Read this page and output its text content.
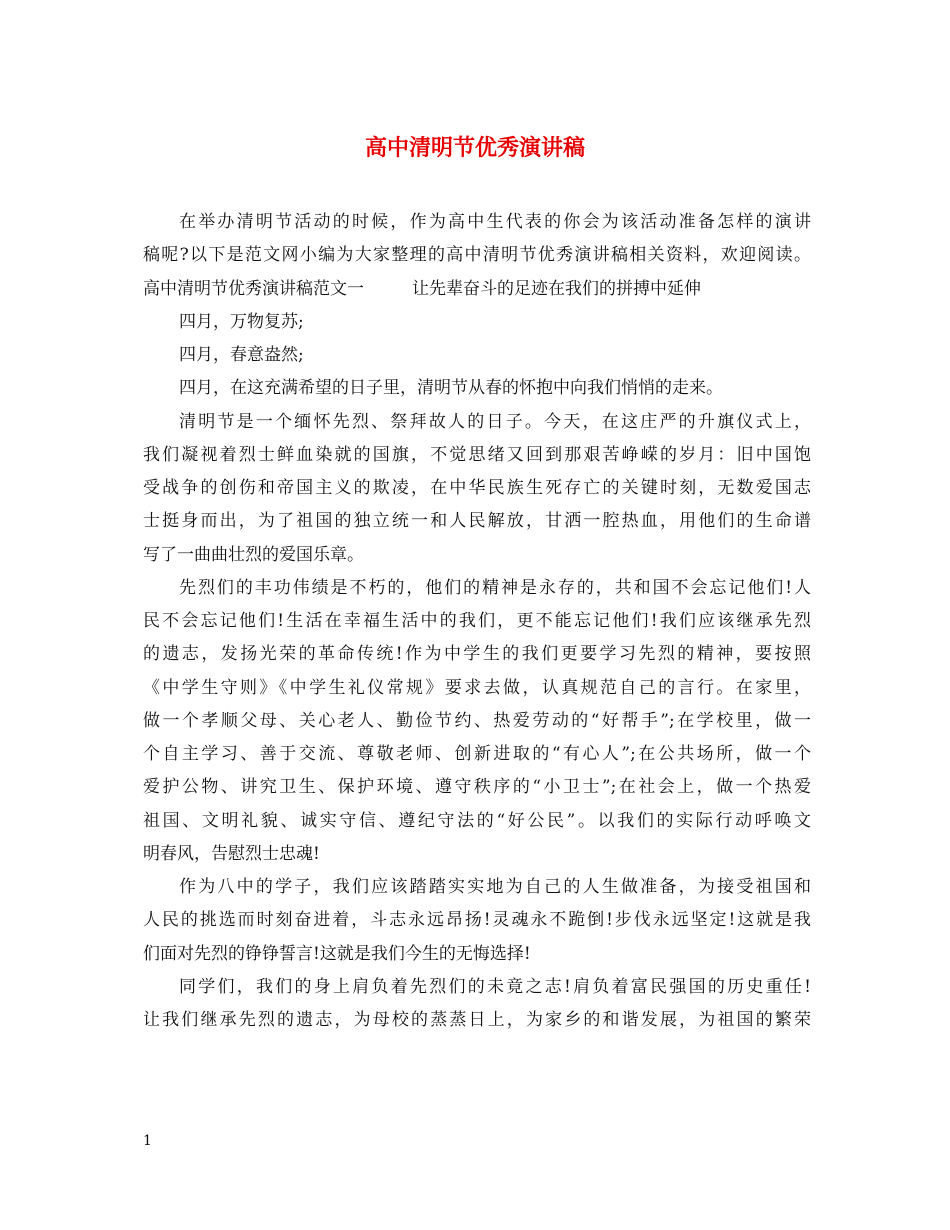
高中清明节优秀演讲稿

在举办清明节活动的时候，作为高中生代表的你会为该活动准备怎样的演讲

稿呢?以下是范文网小编为大家整理的高中清明节优秀演讲稿相关资料，欢迎阅读。

高中清明节优秀演讲稿范文一	让先辈奋斗的足迹在我们的拼搏中延伸

四月，万物复苏;

四月，春意盎然;

四月，在这充满希望的日子里，清明节从春的怀抱中向我们悄悄的走来。

清明节是一个缅怀先烈、祭拜故人的日子。今天，在这庄严的升旗仪式上，

我们凝视着烈士鲜血染就的国旗，不觉思绪又回到那艰苦峥嵘的岁月：旧中国饱

受战争的创伤和帝国主义的欺凌，在中华民族生死存亡的关键时刻，无数爱国志

士挺身而出，为了祖国的独立统一和人民解放，甘洒一腔热血，用他们的生命谱

写了一曲曲壮烈的爱国乐章。

先烈们的丰功伟绩是不朽的，他们的精神是永存的，共和国不会忘记他们!人

民不会忘记他们!生活在幸福生活中的我们，更不能忘记他们!我们应该继承先烈

的遗志，发扬光荣的革命传统!作为中学生的我们更要学习先烈的精神，要按照

《中学生守则》《中学生礼仪常规》要求去做，认真规范自己的言行。在家里，

做一个孝顺父母、关心老人、勤俭节约、热爱劳动的“好帮手”;在学校里，做一

个自主学习、善于交流、尊敬老师、创新进取的“有心人”;在公共场所，做一个

爱护公物、讲究卫生、保护环境、遵守秩序的“小卫士”;在社会上，做一个热爱

祖国、文明礼貌、诚实守信、遵纪守法的“好公民”。以我们的实际行动呼唤文

明春风，告慰烈士忠魂!

作为八中的学子，我们应该踏踏实实地为自己的人生做准备，为接受祖国和

人民的挑选而时刻奋进着，斗志永远昂扬!灵魂永不跪倒!步伐永远坚定!这就是我

们面对先烈的铮铮誓言!这就是我们今生的无悔选择!

同学们，我们的身上肩负着先烈们的未竟之志!肩负着富民强国的历史重任!

让我们继承先烈的遗志，为母校的蒸蒸日上，为家乡的和谐发展，为祖国的繁荣

1
